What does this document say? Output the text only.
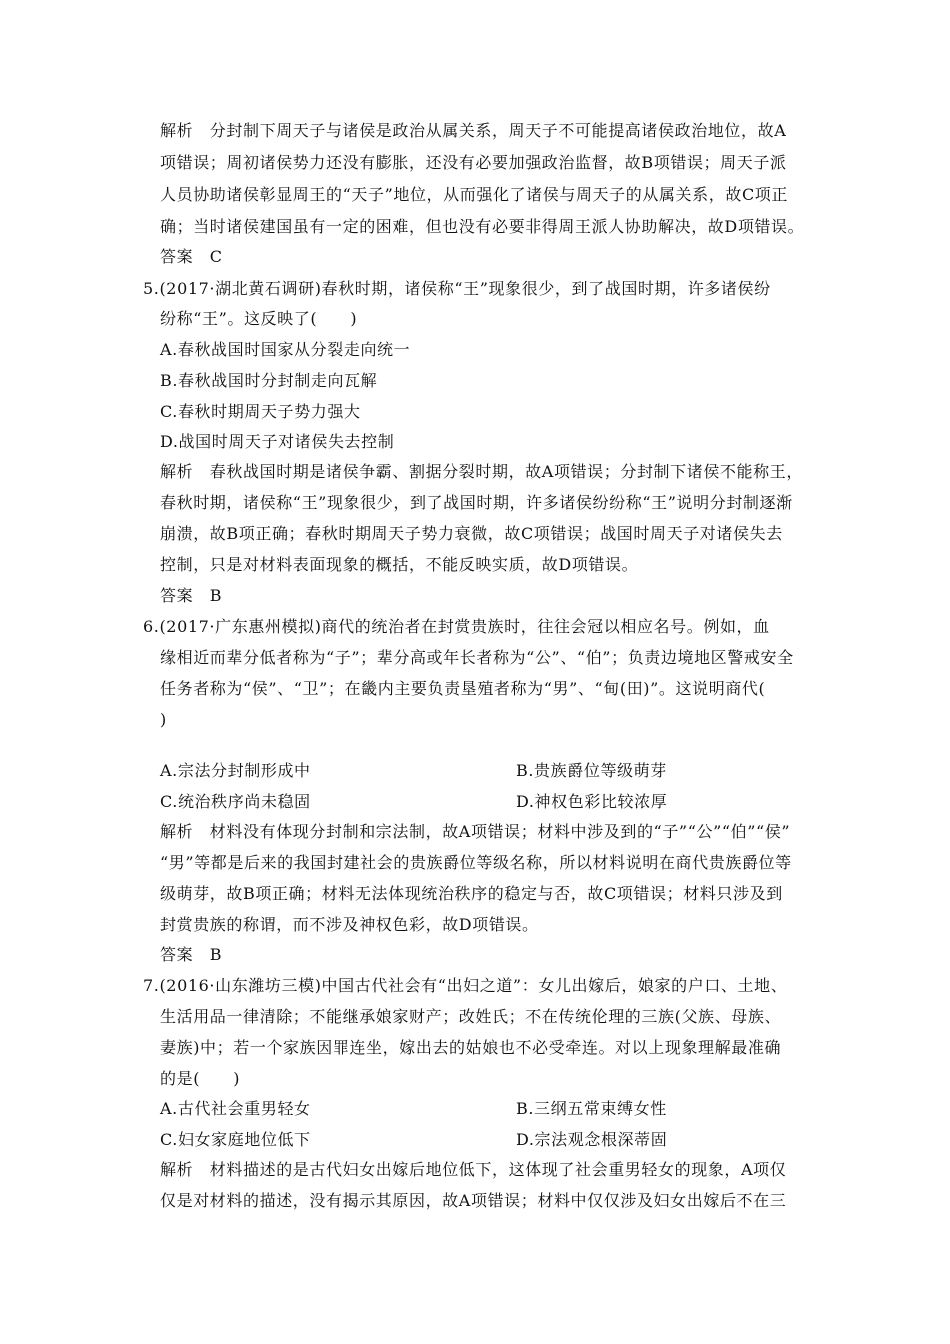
解析　分封制下周天子与诸侯是政治从属关系，周天子不可能提高诸侯政治地位，故A
项错误；周初诸侯势力还没有膨胀，还没有必要加强政治监督，故B项错误；周天子派
人员协助诸侯彰显周王的“天子”地位，从而强化了诸侯与周天子的从属关系，故C项正
确；当时诸侯建国虽有一定的困难，但也没有必要非得周王派人协助解决，故D项错误。
答案　C
5.(2017·湖北黄石调研)春秋时期，诸侯称“王”现象很少，到了战国时期，许多诸侯纷
纷称“王”。这反映了(　　)
A.春秋战国时国家从分裂走向统一
B.春秋战国时分封制走向瓦解
C.春秋时期周天子势力强大
D.战国时周天子对诸侯失去控制
解析　春秋战国时期是诸侯争霸、割据分裂时期，故A项错误；分封制下诸侯不能称王，
春秋时期，诸侯称“王”现象很少，到了战国时期，许多诸侯纷纷称“王”说明分封制逐渐
崩溃，故B项正确；春秋时期周天子势力衰微，故C项错误；战国时周天子对诸侯失去
控制，只是对材料表面现象的概括，不能反映实质，故D项错误。
答案　B
6.(2017·广东惠州模拟)商代的统治者在封赏贵族时，往往会冠以相应名号。例如，血
缘相近而辈分低者称为“子”；辈分高或年长者称为“公”、“伯”；负责边境地区警戒安全
任务者称为“侯”、“卫”；在畿内主要负责垦殖者称为“男”、“甸(田)”。这说明商代(
)
A.宗法分封制形成中	B.贵族爵位等级萌芽
C.统治秩序尚未稳固	D.神权色彩比较浓厚
解析　材料没有体现分封制和宗法制，故A项错误；材料中涉及到的“子”“公”“伯”“侯”
“男”等都是后来的我国封建社会的贵族爵位等级名称，所以材料说明在商代贵族爵位等
级萌芽，故B项正确；材料无法体现统治秩序的稳定与否，故C项错误；材料只涉及到
封赏贵族的称谓，而不涉及神权色彩，故D项错误。
答案　B
7.(2016·山东潍坊三模)中国古代社会有“出妇之道”：女儿出嫁后，娘家的户口、土地、
生活用品一律清除；不能继承娘家财产；改姓氏；不在传统伦理的三族(父族、母族、
妻族)中；若一个家族因罪连坐，嫁出去的姑娘也不必受牵连。对以上现象理解最准确
的是(　　)
A.古代社会重男轻女	B.三纲五常束缚女性
C.妇女家庭地位低下	D.宗法观念根深蒂固
解析　材料描述的是古代妇女出嫁后地位低下，这体现了社会重男轻女的现象，A项仅
仅是对材料的描述，没有揭示其原因，故A项错误；材料中仅仅涉及妇女出嫁后不在三
